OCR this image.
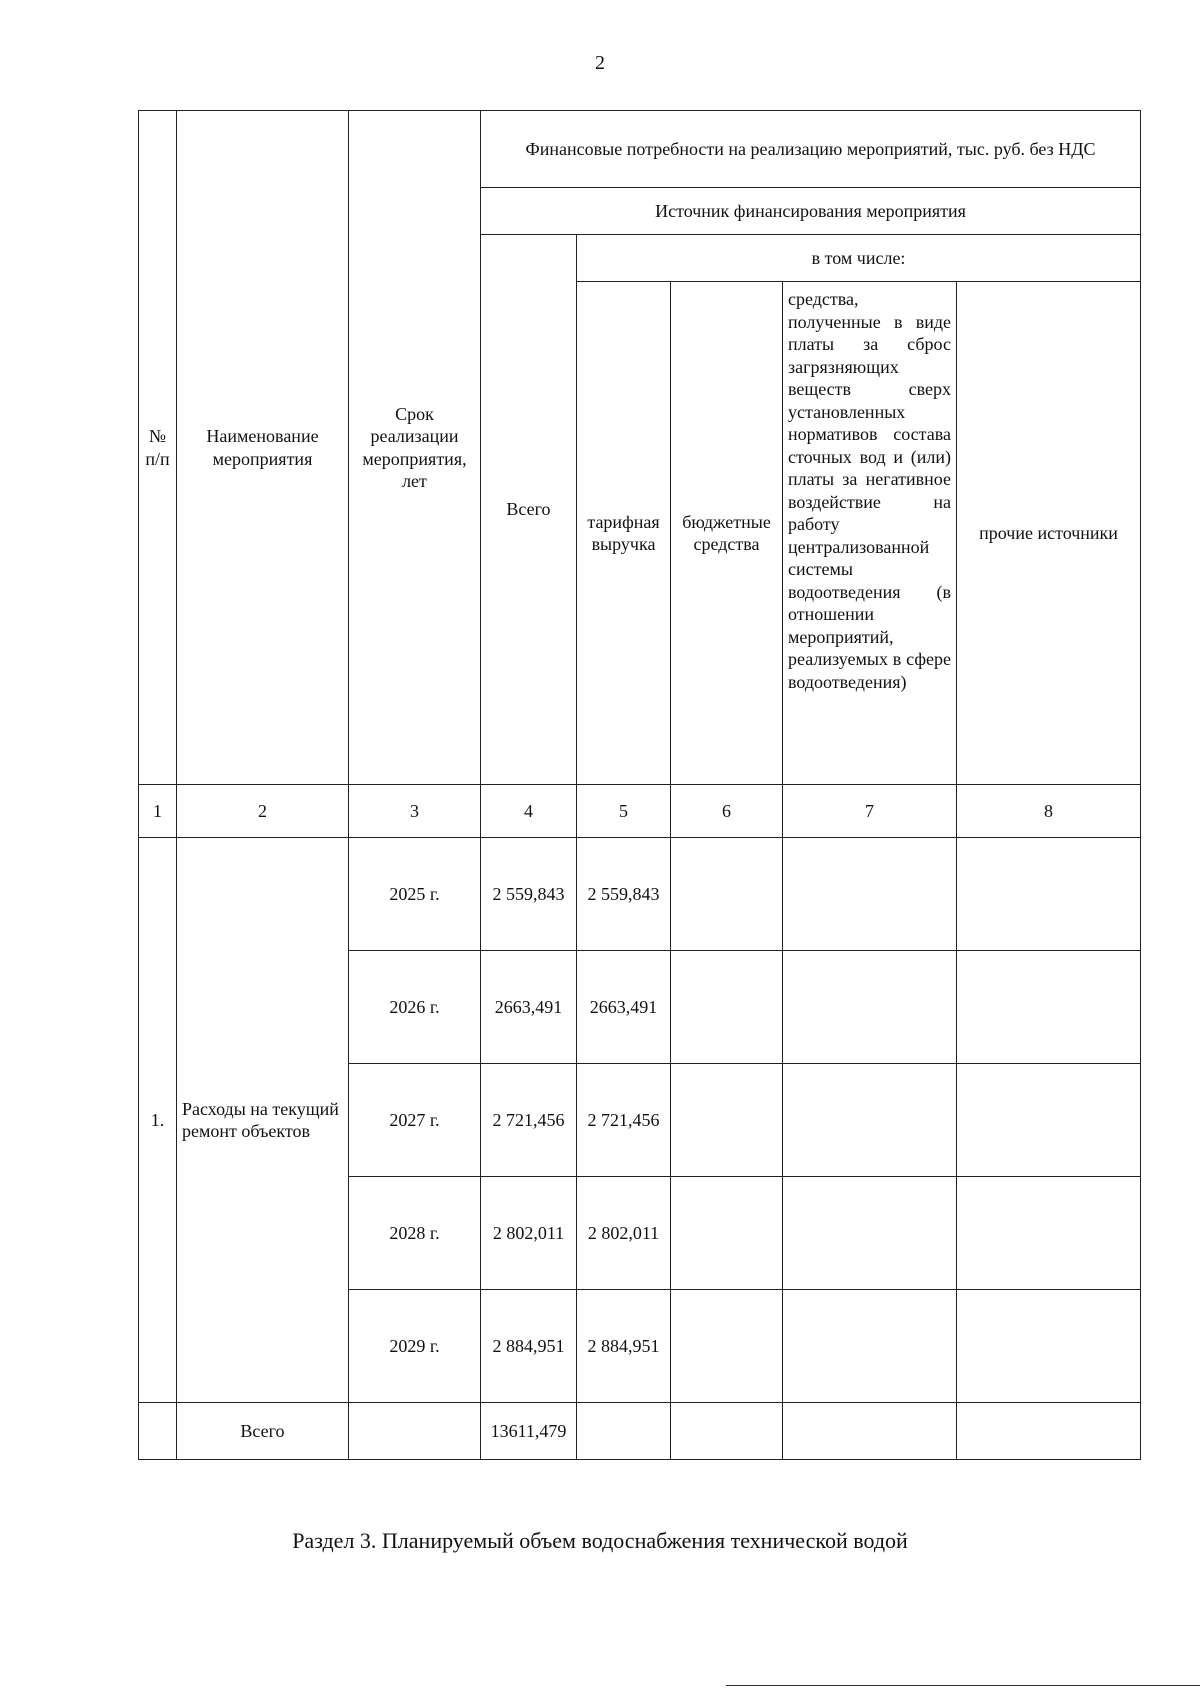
2
№ п/п	Наименование мероприятия	Срок реализации мероприятия, лет	Финансовые потребности на реализацию мероприятий, тыс. руб. без НДС				
			Источник финансирования мероприятия				
			Всего	в том числе:			
				тарифная выручка	бюджетные средства	средства, полученные в виде платы за сброс загрязняющих веществ сверх установленных нормативов состава сточных вод и (или) платы за негативное воздействие на работу централизованной системы водоотведения (в отношении мероприятий, реализуемых в сфере водоотведения)	прочие источники
1	2	3	4	5	6	7	8
1.	Расходы на текущий ремонт объектов	2025 г.	2 559,843	2 559,843			
		2026 г.	2663,491	2663,491			
		2027 г.	2 721,456	2 721,456			
		2028 г.	2 802,011	2 802,011			
		2029 г.	2 884,951	2 884,951			
	Всего		13611,479				
Раздел 3. Планируемый объем водоснабжения технической водой
